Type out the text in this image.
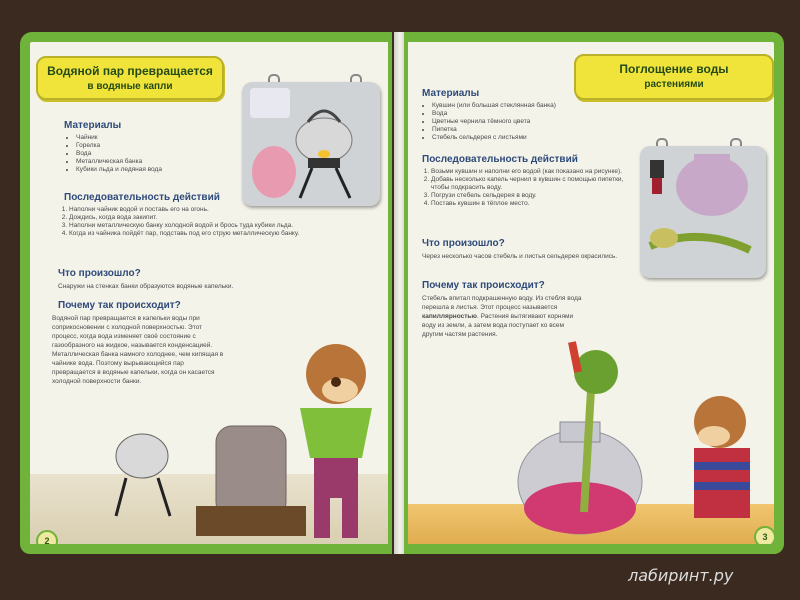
Водяной пар превращается
в водяные капли
Материалы
• Чайник
• Горелка
• Вода
• Металлическая банка
• Кубики льда и ледяная вода
Последовательность действий
1. Наполни чайник водой и поставь его на огонь.
2. Дождись, когда вода закипит.
3. Наполни металлическую банку холодной водой и брось туда кубики льда.
4. Когда из чайника пойдёт пар, подставь под его струю металлическую банку.
Что произошло?
Снаружи на стенках банки образуются водяные капельки.
Почему так происходит?
Водяной пар превращается в капельки воды при соприкосновении с холодной поверхностью. Этот процесс, когда вода изменяет своё состояние с газообразного на жидкое, называется конденсацией. Металлическая банка намного холоднее, чем кипящая в чайнике вода. Поэтому вырывающийся пар превращается в водяные капельки, когда он касается холодной поверхности банки.
2
Поглощение воды
растениями
Материалы
• Кувшин (или большая стеклянная банка)
• Вода
• Цветные чернила тёмного цвета
• Пипетка
• Стебель сельдерея с листьями
Последовательность действий
1. Возьми кувшин и наполни его водой (как показано на рисунке).
2. Добавь несколько капель чернил в кувшин с помощью пипетки, чтобы подкрасить воду.
3. Погрузи стебель сельдерея в воду.
4. Поставь кувшин в тёплое место.
Что произошло?
Через несколько часов стебель и листья сельдерея окрасились.
Почему так происходит?
Стебель впитал подкрашенную воду. Из стебля вода перешла в листья. Этот процесс называется капиллярностью. Растения вытягивают корнями воду из земли, а затем вода поступает ко всем другим частям растения.
3
лабиринт.ру
